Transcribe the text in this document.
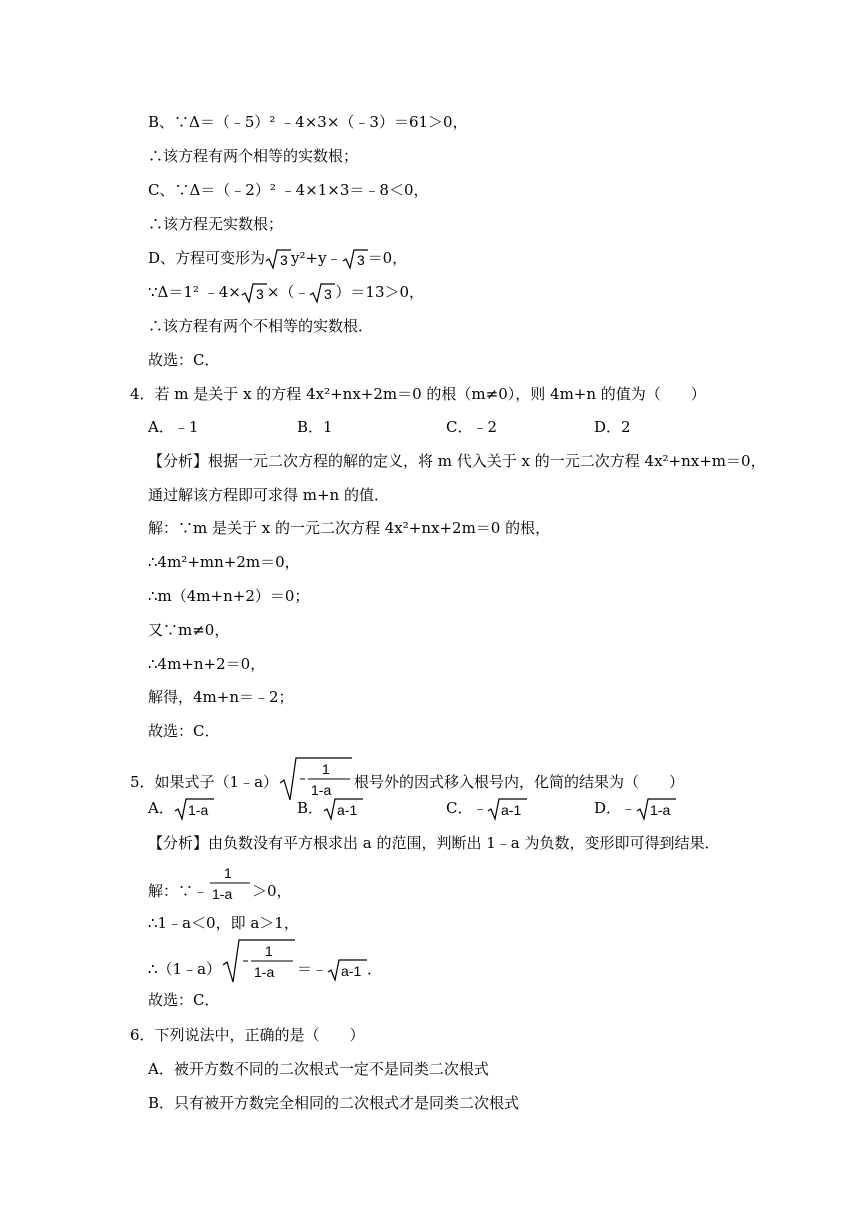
B、∵Δ＝（﹣5）² ﹣4×3×（﹣3）＝61＞0，
∴该方程有两个相等的实数根；
C、∵Δ＝（﹣2）² ﹣4×1×3＝﹣8＜0，
∴该方程无实数根；
D、方程可变形为 3 y²+y﹣ 3 ＝0，
∵Δ＝1² ﹣4× 3 ×（﹣ 3 ）＝13＞0，
∴该方程有两个不相等的实数根．
故选：C．
4．若 m 是关于 x 的方程 4x²+nx+2m＝0 的根（m≠0），则 4m+n 的值为（　　）
A．﹣1	B．1	C．﹣2	D．2
【分析】根据一元二次方程的解的定义，将 m 代入关于 x 的一元二次方程 4x²+nx+m＝0，
通过解该方程即可求得 m+n 的值．
解：∵m 是关于 x 的一元二次方程 4x²+nx+2m＝0 的根，
∴4m²+mn+2m＝0，
∴m（4m+n+2）＝0；
又∵m≠0，
∴4m+n+2＝0，
解得，4m+n＝﹣2；
故选：C．
5．如果式子（1﹣a）
1
1-a 根号外的因式移入根号内，化简的结果为（　　）
A． 1-a	B． a-1	C．﹣ a-1	D．﹣ 1-a
【分析】由负数没有平方根求出 a 的范围，判断出 1﹣a 为负数，变形即可得到结果．
解：∵﹣
1
1-a ＞0，
∴1﹣a＜0，即 a＞1，
∴（1﹣a）
1
1-a ＝﹣ a-1 ．
故选：C．
6．下列说法中，正确的是（　　）
A．被开方数不同的二次根式一定不是同类二次根式
B．只有被开方数完全相同的二次根式才是同类二次根式
